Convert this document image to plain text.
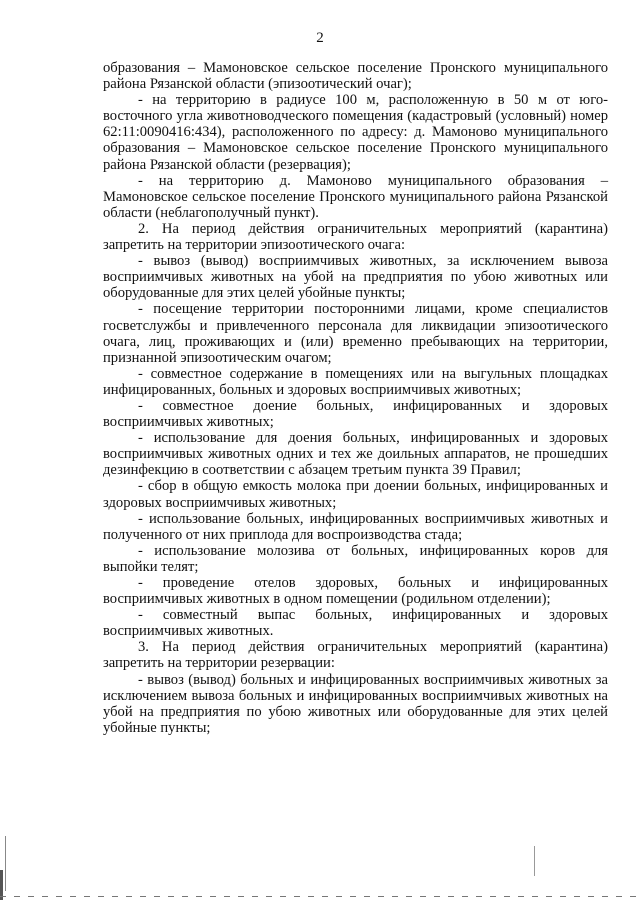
2

образования – Мамоновское сельское поселение Пронского муниципального района Рязанской области (эпизоотический очаг);

- на территорию в радиусе 100 м, расположенную в 50 м от юго-восточного угла животноводческого помещения (кадастровый (условный) номер 62:11:0090416:434), расположенного по адресу: д. Мамоново муниципального образования – Мамоновское сельское поселение Пронского муниципального района Рязанской области (резервация);

- на территорию д. Мамоново муниципального образования – Мамоновское сельское поселение Пронского муниципального района Рязанской области (неблагополучный пункт).

2. На период действия ограничительных мероприятий (карантина) запретить на территории эпизоотического очага:

- вывоз (вывод) восприимчивых животных, за исключением вывоза восприимчивых животных на убой на предприятия по убою животных или оборудованные для этих целей убойные пункты;

- посещение территории посторонними лицами, кроме специалистов госветслужбы и привлеченного персонала для ликвидации эпизоотического очага, лиц, проживающих и (или) временно пребывающих на территории, признанной эпизоотическим очагом;

- совместное содержание в помещениях или на выгульных площадках инфицированных, больных и здоровых восприимчивых животных;

- совместное доение больных, инфицированных и здоровых восприимчивых животных;

- использование для доения больных, инфицированных и здоровых восприимчивых животных одних и тех же доильных аппаратов, не прошедших дезинфекцию в соответствии с абзацем третьим пункта 39 Правил;

- сбор в общую емкость молока при доении больных, инфицированных и здоровых восприимчивых животных;

- использование больных, инфицированных восприимчивых животных и полученного от них приплода для воспроизводства стада;

- использование молозива от больных, инфицированных коров для выпойки телят;

- проведение отелов здоровых, больных и инфицированных восприимчивых животных в одном помещении (родильном отделении);

- совместный выпас больных, инфицированных и здоровых восприимчивых животных.

3. На период действия ограничительных мероприятий (карантина) запретить на территории резервации:

- вывоз (вывод) больных и инфицированных восприимчивых животных за исключением вывоза больных и инфицированных восприимчивых животных на убой на предприятия по убою животных или оборудованные для этих целей убойные пункты;
